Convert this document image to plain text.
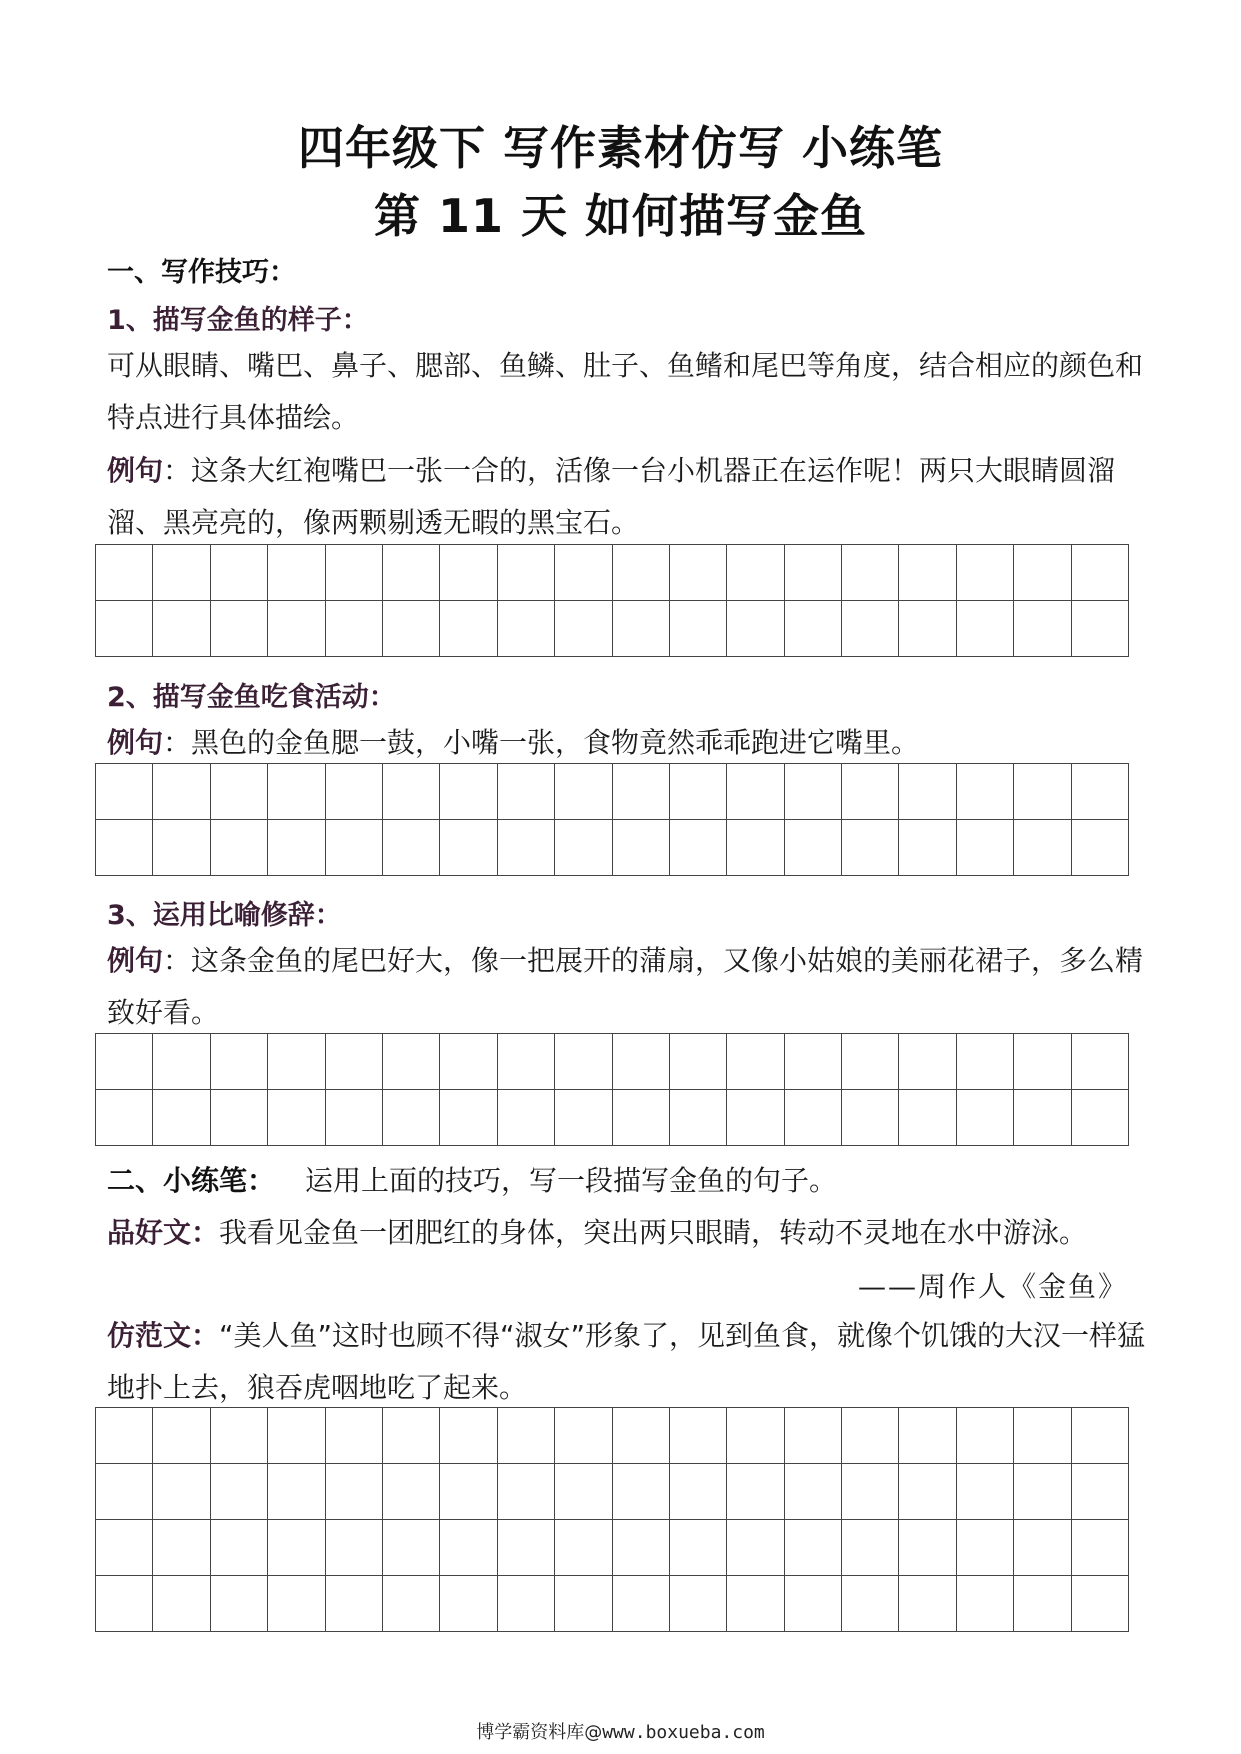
四年级下 写作素材仿写 小练笔
第 11 天 如何描写金鱼
一、写作技巧：
1、描写金鱼的样子：
可从眼睛、嘴巴、鼻子、腮部、鱼鳞、肚子、鱼鳍和尾巴等角度，结合相应的颜色和特点进行具体描绘。
例句：这条大红袍嘴巴一张一合的，活像一台小机器正在运作呢！两只大眼睛圆溜溜、黑亮亮的，像两颗剔透无暇的黑宝石。
2、描写金鱼吃食活动：
例句：黑色的金鱼腮一鼓，小嘴一张，食物竟然乖乖跑进它嘴里。
3、运用比喻修辞：
例句：这条金鱼的尾巴好大，像一把展开的蒲扇，又像小姑娘的美丽花裙子，多么精致好看。
二、小练笔： 运用上面的技巧，写一段描写金鱼的句子。
品好文：我看见金鱼一团肥红的身体，突出两只眼睛，转动不灵地在水中游泳。
——周作人《金鱼》
仿范文：“美人鱼”这时也顾不得“淑女”形象了，见到鱼食，就像个饥饿的大汉一样猛地扑上去，狼吞虎咽地吃了起来。
博学霸资料库@www.boxueba.com
